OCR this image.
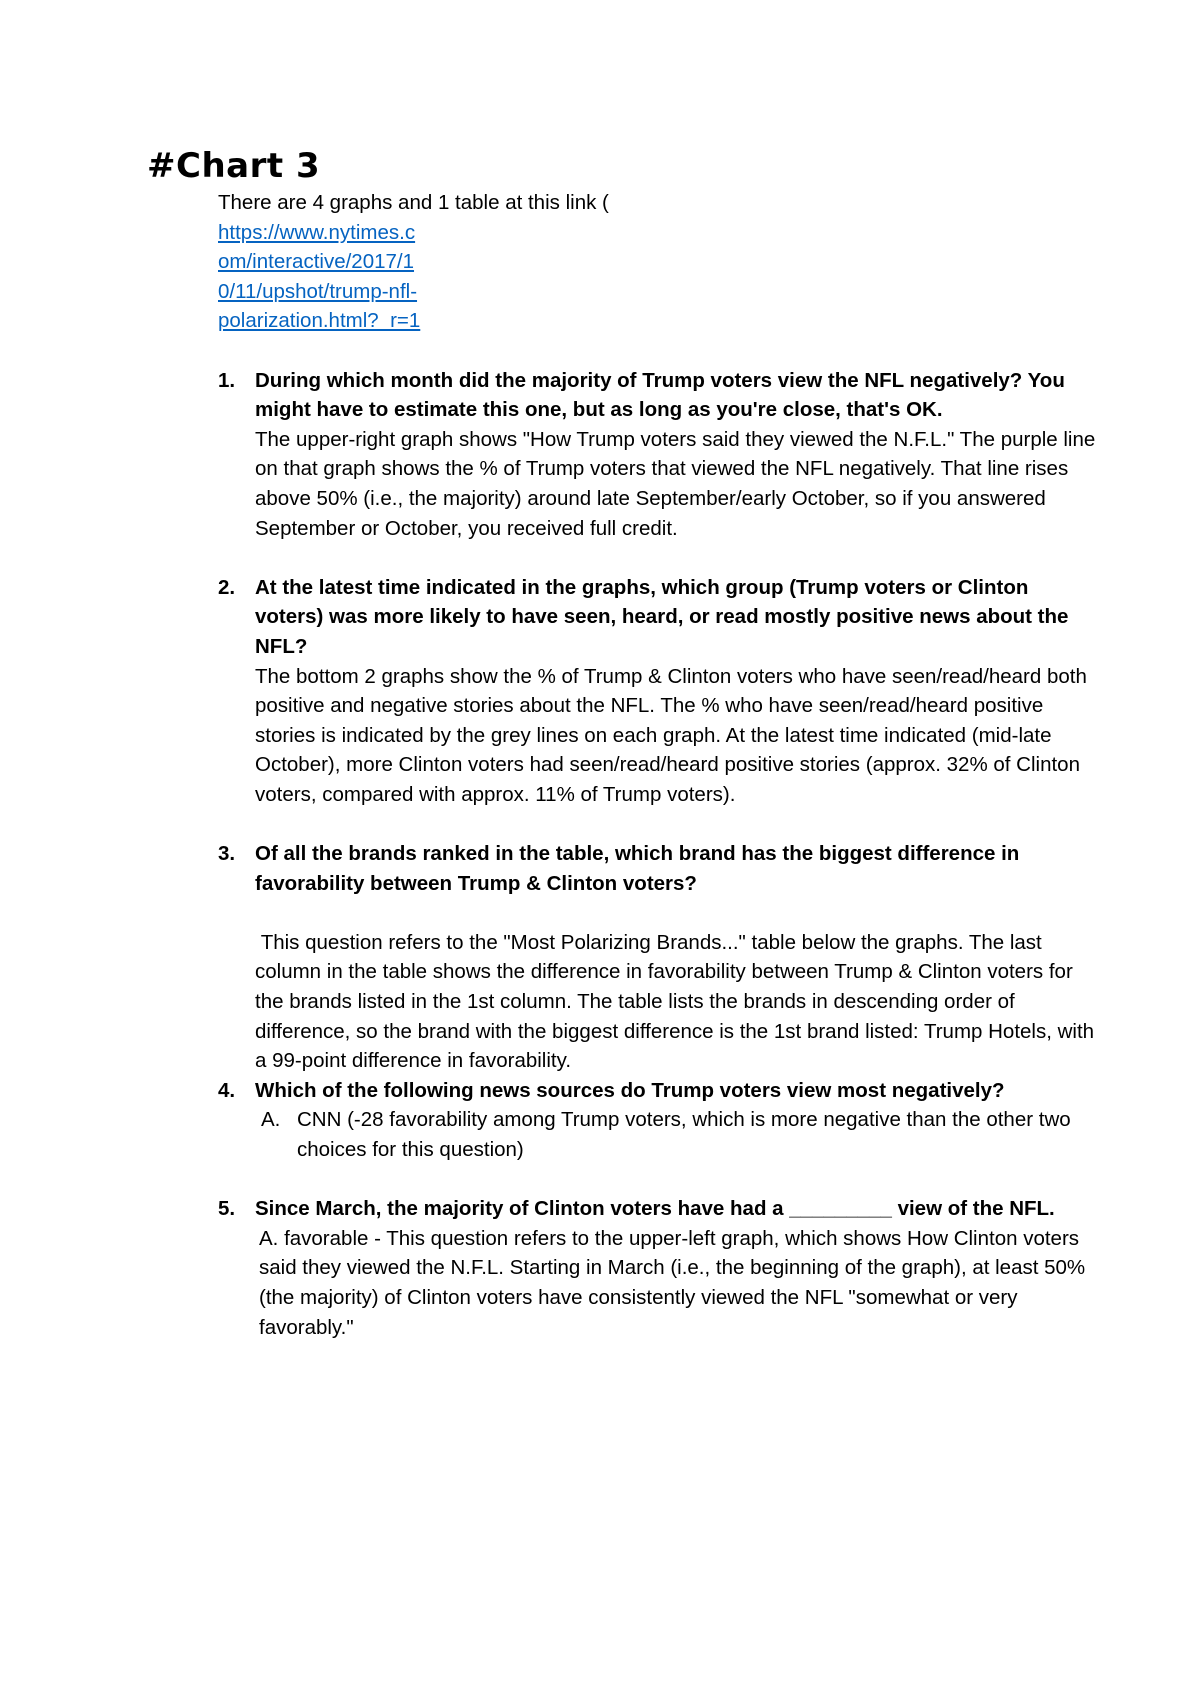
#Chart 3

There are 4 graphs and 1 table at this link (
https://www.nytimes.com/interactive/2017/10/11/upshot/trump-nfl-polarization.html?_r=1

1. During which month did the majority of Trump voters view the NFL negatively? You might have to estimate this one, but as long as you're close, that's OK.

The upper-right graph shows "How Trump voters said they viewed the N.F.L." The purple line on that graph shows the % of Trump voters that viewed the NFL negatively. That line rises above 50% (i.e., the majority) around late September/early October, so if you answered September or October, you received full credit.

2. At the latest time indicated in the graphs, which group (Trump voters or Clinton voters) was more likely to have seen, heard, or read mostly positive news about the NFL?

The bottom 2 graphs show the % of Trump & Clinton voters who have seen/read/heard both positive and negative stories about the NFL. The % who have seen/read/heard positive stories is indicated by the grey lines on each graph. At the latest time indicated (mid-late October), more Clinton voters had seen/read/heard positive stories (approx. 32% of Clinton voters, compared with approx. 11% of Trump voters).

3. Of all the brands ranked in the table, which brand has the biggest difference in favorability between Trump & Clinton voters?

This question refers to the "Most Polarizing Brands..." table below the graphs. The last column in the table shows the difference in favorability between Trump & Clinton voters for the brands listed in the 1st column. The table lists the brands in descending order of difference, so the brand with the biggest difference is the 1st brand listed: Trump Hotels, with a 99-point difference in favorability.

4. Which of the following news sources do Trump voters view most negatively?

A. CNN (-28 favorability among Trump voters, which is more negative than the other two choices for this question)
5. Since March, the majority of Clinton voters have had a _________ view of the NFL.

A. favorable - This question refers to the upper-left graph, which shows How Clinton voters said they viewed the N.F.L. Starting in March (i.e., the beginning of the graph), at least 50% (the majority) of Clinton voters have consistently viewed the NFL "somewhat or very favorably."
